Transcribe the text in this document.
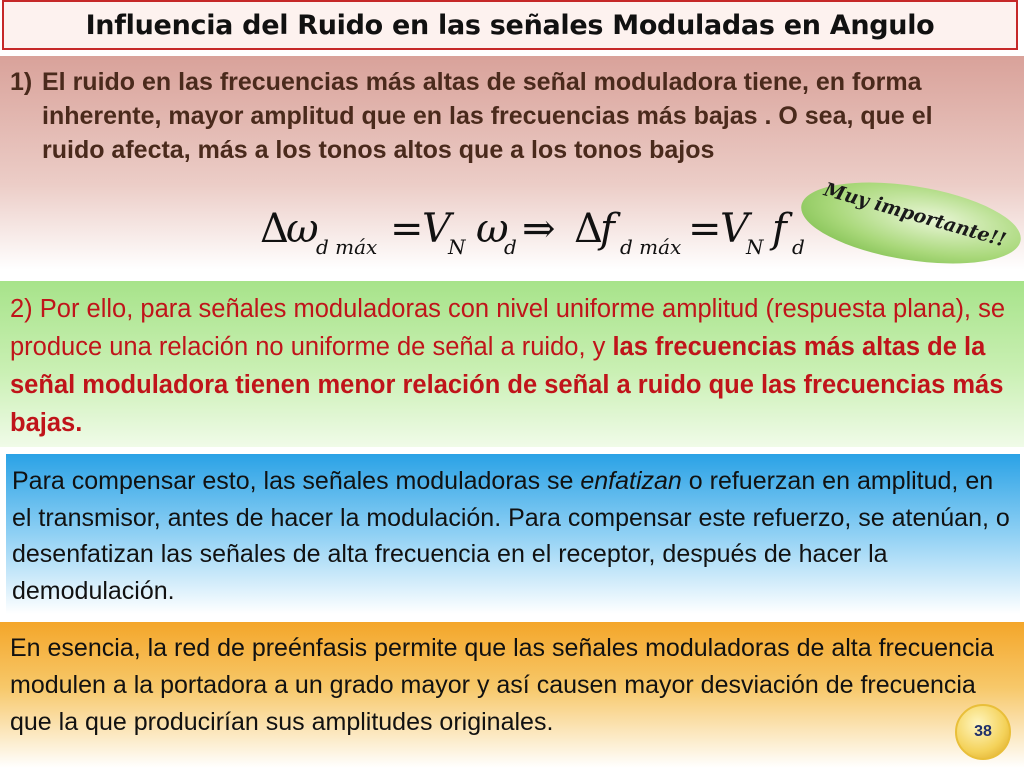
Influencia del Ruido en las señales Moduladas en Angulo
1) El ruido en las frecuencias más altas de señal moduladora tiene, en forma inherente, mayor amplitud que en las frecuencias más bajas . O sea, que el ruido afecta, más a los tonos altos que a los tonos bajos
Muy importante!!
Δ
ω
d máx =
V
N ω
d ⇒ Δ
f d máx =
V
N f d
2) Por ello, para señales moduladoras con nivel uniforme amplitud (respuesta plana), se produce una relación no uniforme de señal a ruido, y las frecuencias más altas de la señal moduladora tienen menor relación de señal a ruido que las frecuencias más bajas.
Para compensar esto, las señales moduladoras se enfatizan o refuerzan en amplitud, en el transmisor, antes de hacer la modulación. Para compensar este refuerzo, se atenúan, o desenfatizan las señales de alta frecuencia en el receptor, después de hacer la demodulación.
En esencia, la red de preénfasis permite que las señales moduladoras de alta frecuencia modulen a la portadora a un grado mayor y así causen mayor desviación de frecuencia que la que producirían sus amplitudes originales.	38
